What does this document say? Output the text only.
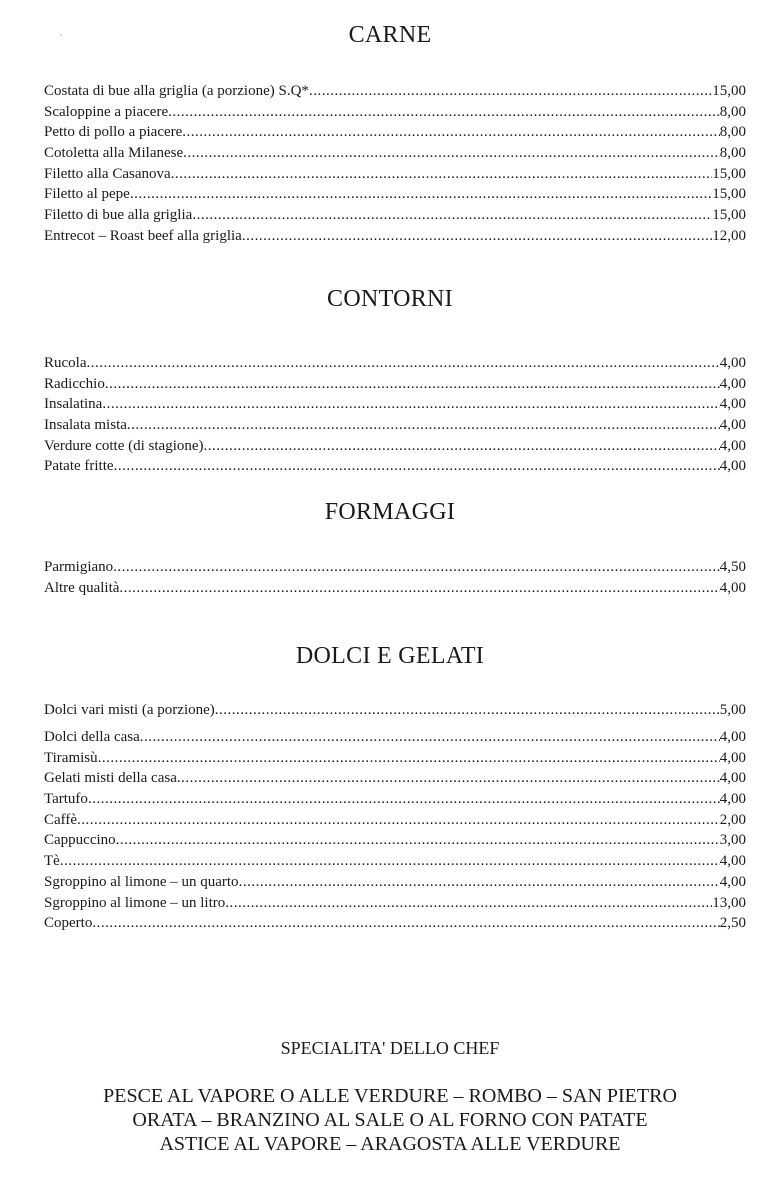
CARNE
Costata di bue alla griglia (a porzione) S.Q* .....	15,00
Scaloppine a piacere .....	8,00
Petto di pollo a piacere .....	8,00
Cotoletta alla Milanese .....	8,00
Filetto alla Casanova .....	15,00
Filetto al pepe .....	15,00
Filetto di bue alla griglia .....	15,00
Entrecot – Roast beef alla griglia .....	12,00
CONTORNI
Rucola .....	4,00
Radicchio .....	4,00
Insalatina .....	4,00
Insalata mista .....	4,00
Verdure cotte (di stagione) .....	4,00
Patate fritte .....	4,00
FORMAGGI
Parmigiano .....	4,50
Altre qualità .....	4,00
DOLCI E GELATI
Dolci vari misti (a porzione) .....	5,00
Dolci della casa .....	4,00
Tiramisù .....	4,00
Gelati misti della casa .....	4,00
Tartufo .....	4,00
Caffè .....	2,00
Cappuccino .....	3,00
Tè .....	4,00
Sgroppino al limone – un quarto .....	4,00
Sgroppino al limone – un litro .....	13,00
Coperto .....	2,50
SPECIALITA' DELLO CHEF
PESCE AL VAPORE O ALLE VERDURE – ROMBO – SAN PIETRO
ORATA – BRANZINO AL SALE O AL FORNO CON PATATE
ASTICE AL VAPORE – ARAGOSTA ALLE VERDURE
